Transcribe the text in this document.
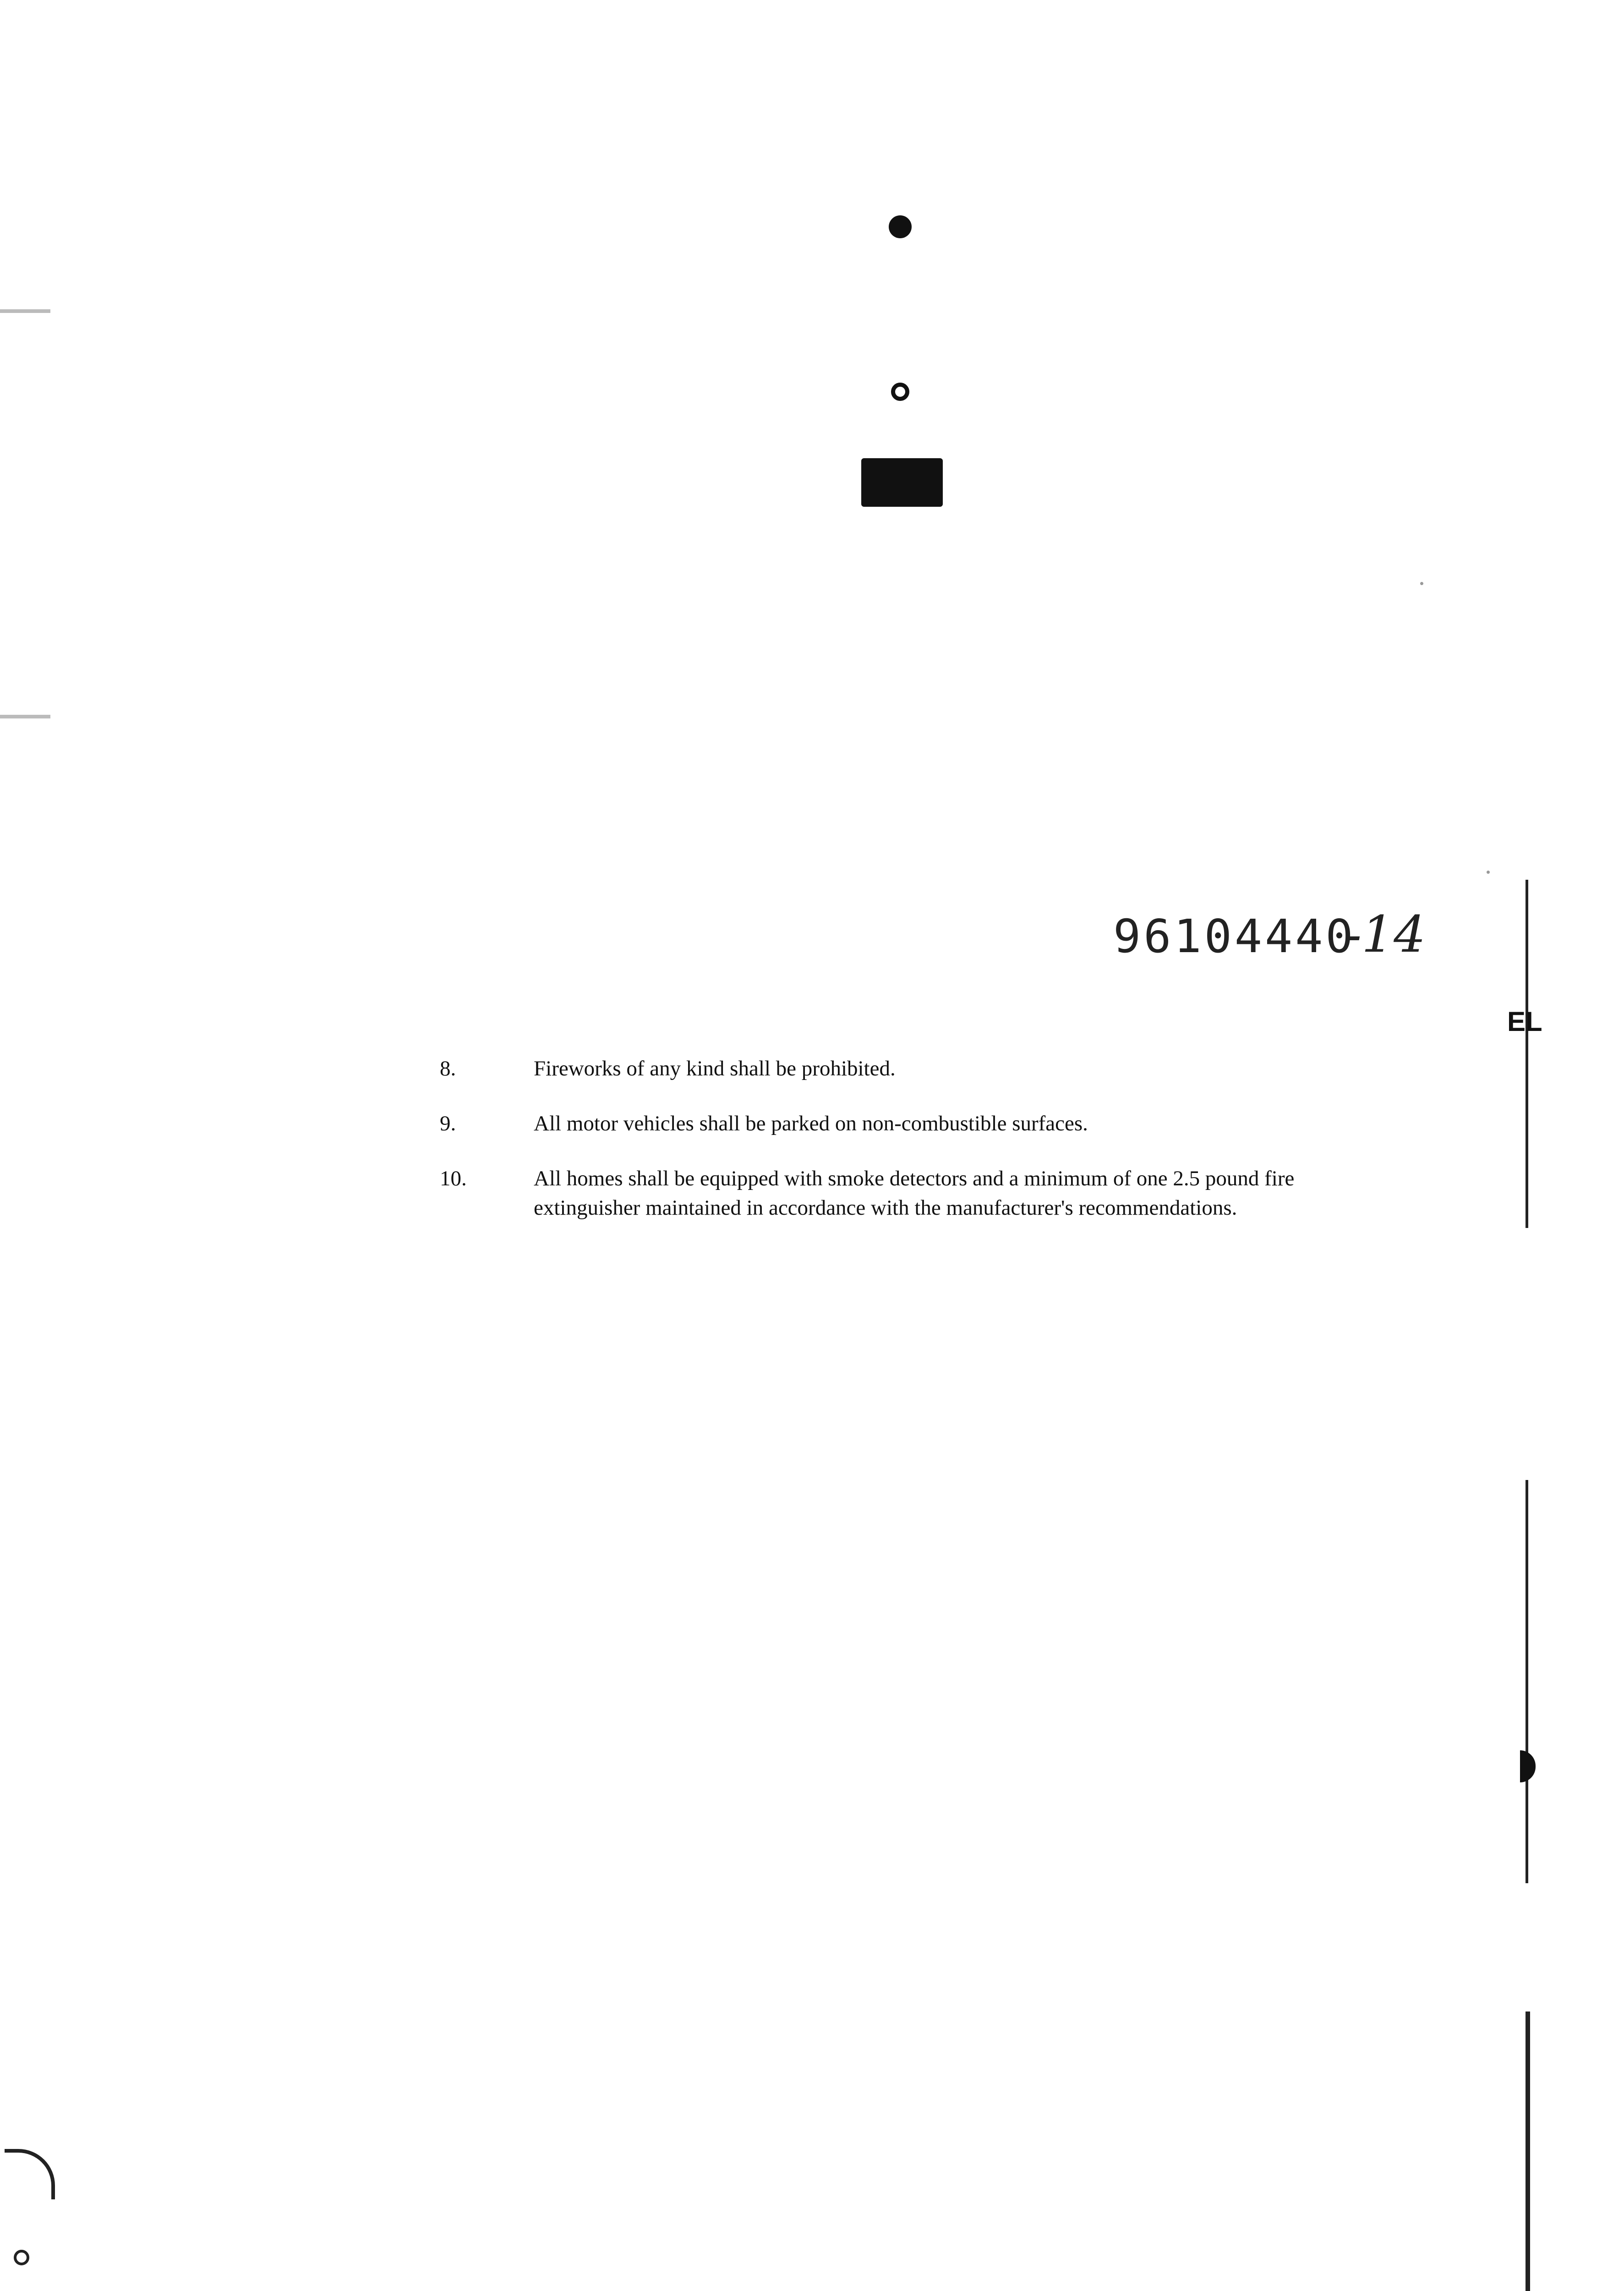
96104440
-14
EL
8.	Fireworks of any kind shall be prohibited.
9.	All motor vehicles shall be parked on non-combustible surfaces.
10.	All homes shall be equipped with smoke detectors and a minimum of one 2.5 pound fire extinguisher maintained in accordance with the manufacturer's recommendations.
